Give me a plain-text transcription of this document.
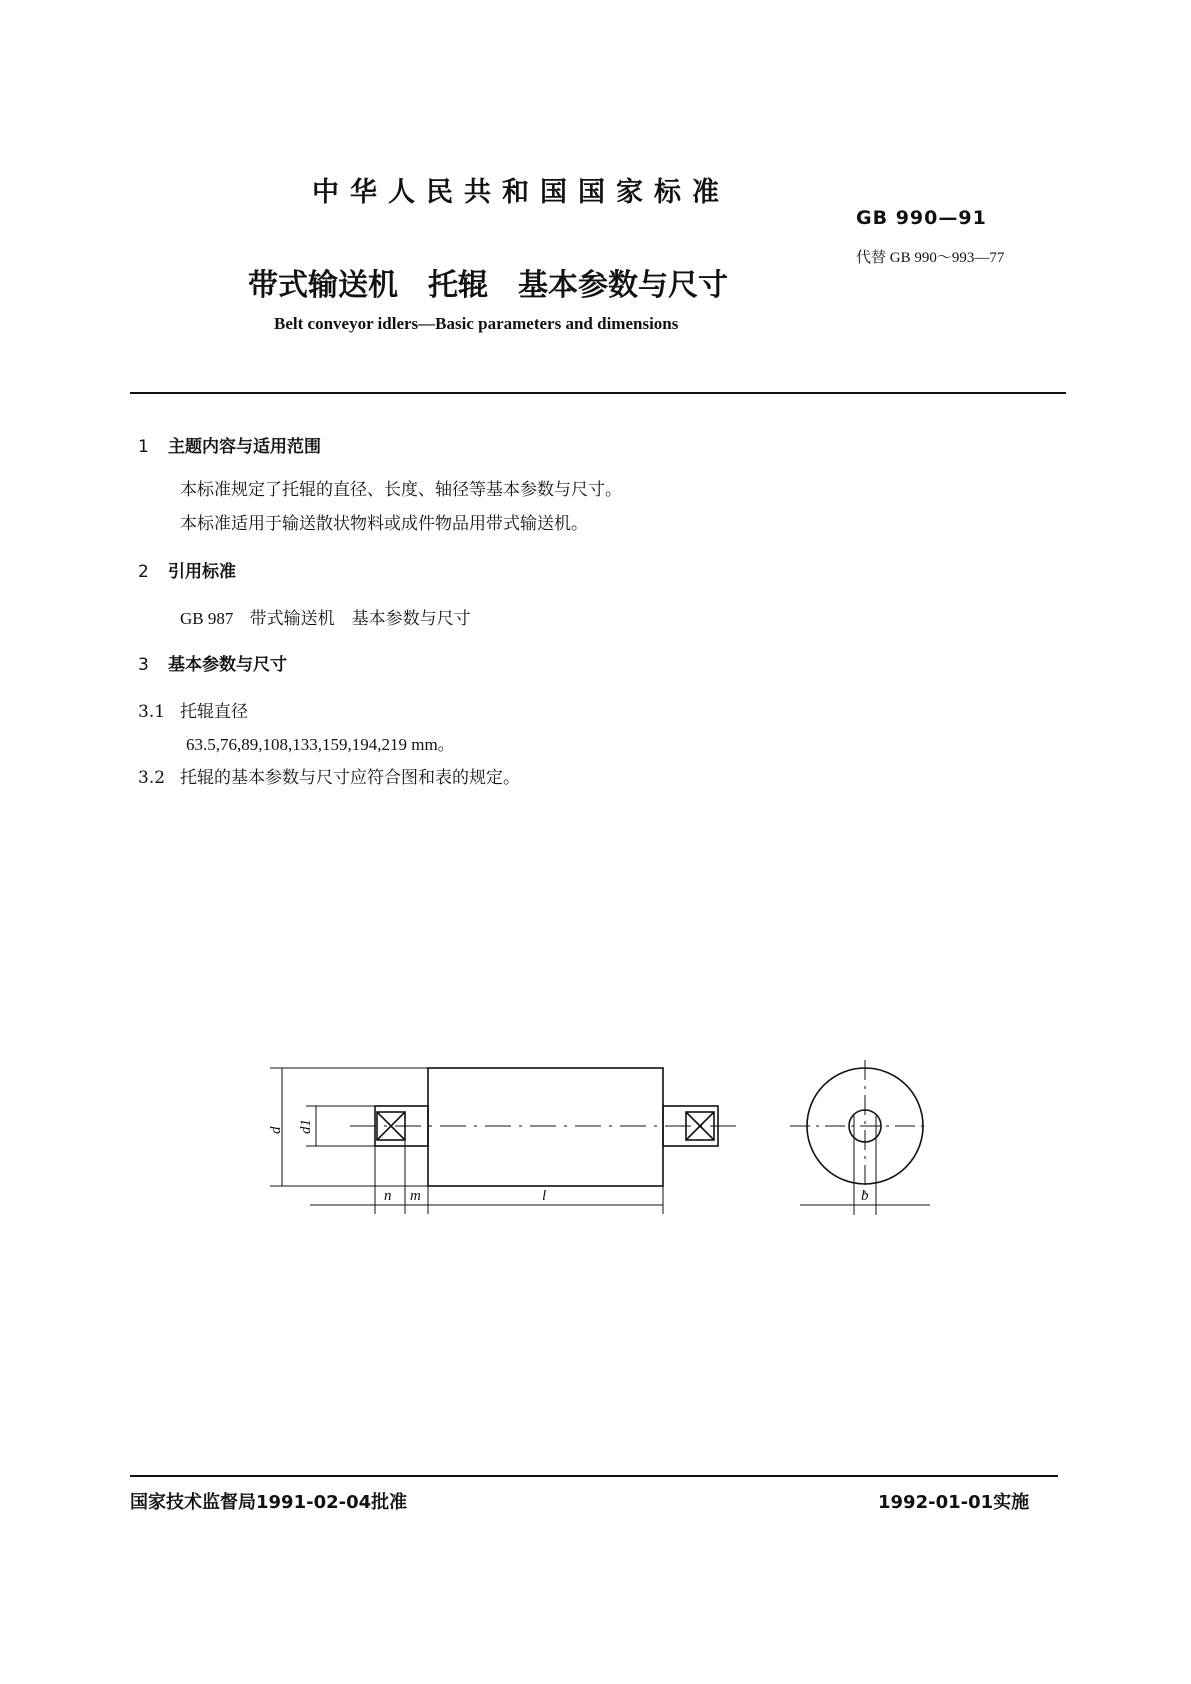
中华人民共和国国家标准
GB 990—91
带式输送机　托辊　基本参数与尺寸
代替 GB 990～993—77
Belt conveyor idlers—Basic parameters and dimensions
1 主题内容与适用范围
本标准规定了托辊的直径、长度、轴径等基本参数与尺寸。
本标准适用于输送散状物料或成件物品用带式输送机。
2 引用标准
GB 987 带式输送机　基本参数与尺寸
3 基本参数与尺寸
3.1 托辊直径
63.5,76,89,108,133,159,194,219 mm。
3.2 托辊的基本参数与尺寸应符合图和表的规定。
d d1
n m	l	b
国家技术监督局1991-02-04批准	1992-01-01实施
